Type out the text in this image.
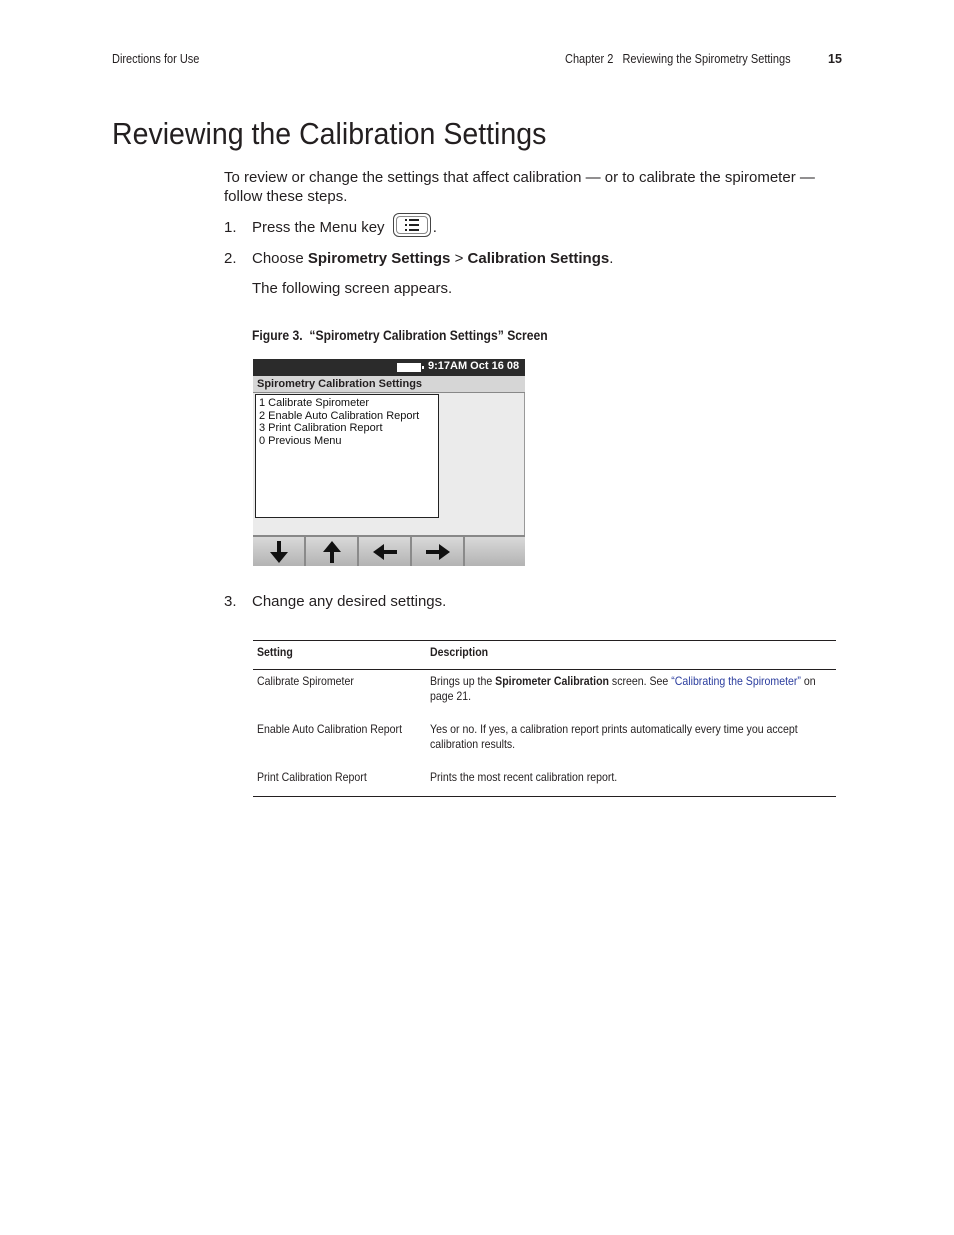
Directions for Use	Chapter 2   Reviewing the Spirometry Settings	15
Reviewing the Calibration Settings

To review or change the settings that affect calibration — or to calibrate the spirometer — follow these steps.

1. Press the Menu key	.
2. Choose Spirometry Settings > Calibration Settings.
The following screen appears.
Figure 3.  “Spirometry Calibration Settings” Screen
9:17AM Oct 16 08
Spirometry Calibration Settings
1 Calibrate Spirometer
2 Enable Auto Calibration Report
3 Print Calibration Report
0 Previous Menu
3. Change any desired settings.
Setting	Description
Calibrate Spirometer	Brings up the Spirometer Calibration screen. See “Calibrating the Spirometer” on page 21.
Enable Auto Calibration Report	Yes or no. If yes, a calibration report prints automatically every time you accept calibration results.
Print Calibration Report	Prints the most recent calibration report.
